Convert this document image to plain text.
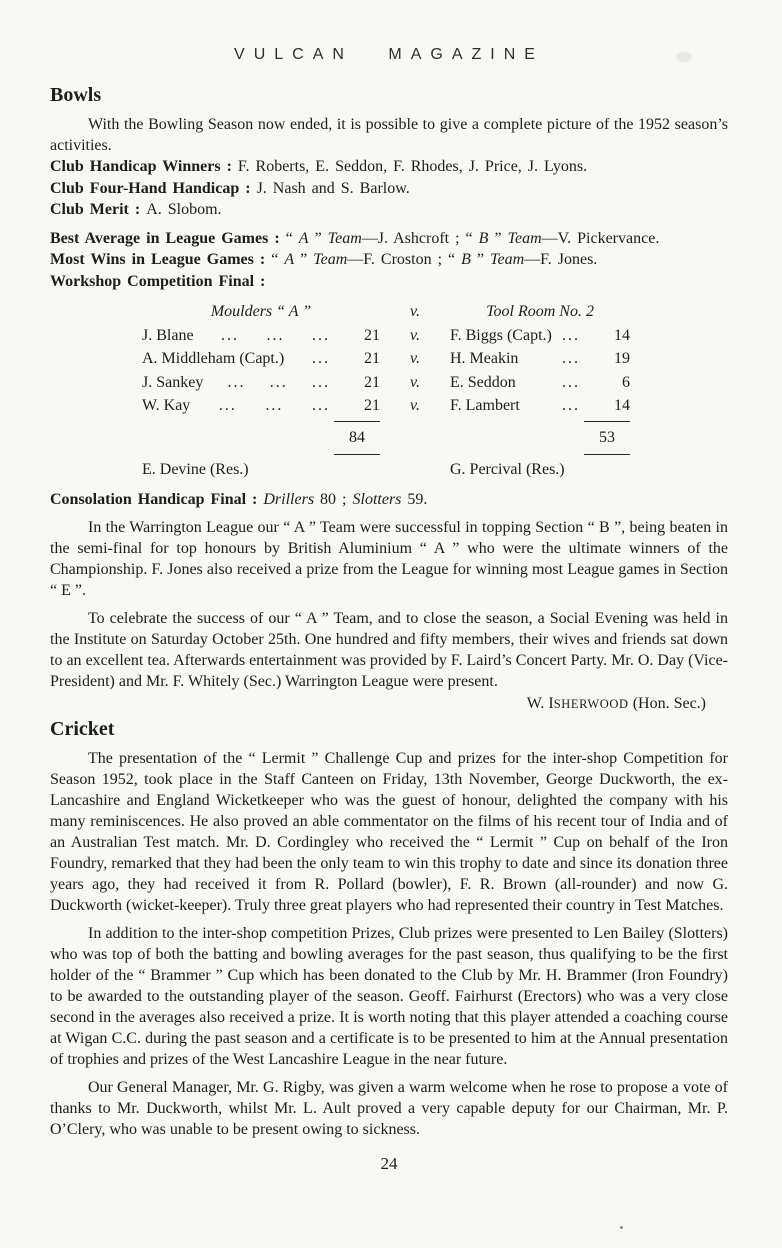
VULCAN MAGAZINE
Bowls
With the Bowling Season now ended, it is possible to give a complete picture of the 1952 season’s activities.
Club Handicap Winners : F. Roberts, E. Seddon, F. Rhodes, J. Price, J. Lyons.
Club Four-Hand Handicap : J. Nash and S. Barlow.
Club Merit : A. Slobom.
Best Average in League Games : “ A ” Team—J. Ashcroft ; “ B ” Team—V. Pickervance.
Most Wins in League Games : “ A ” Team—F. Croston ; “ B ” Team—F. Jones.
Workshop Competition Final :
Moulders “ A ”	v.	Tool Room No. 2
J. Blane ... ... ...	21	v.	F. Biggs (Capt.) ...	14
A. Middleham (Capt.) ...	21	v.	H. Meakin	...	19
J. Sankey ... ... ...	21	v.	E. Seddon	...	6
W. Kay ... ... ...	21	v.	F. Lambert	...	14
84	53
E. Devine (Res.)	G. Percival (Res.)
Consolation Handicap Final : Drillers 80 ; Slotters 59.
In the Warrington League our “ A ” Team were successful in topping Section “ B ”, being beaten in the semi-final for top honours by British Aluminium “ A ” who were the ultimate winners of the Championship. F. Jones also received a prize from the League for winning most League games in Section “ E ”.
To celebrate the success of our “ A ” Team, and to close the season, a Social Evening was held in the Institute on Saturday October 25th. One hundred and fifty members, their wives and friends sat down to an excellent tea. Afterwards entertainment was provided by F. Laird’s Concert Party. Mr. O. Day (Vice-President) and Mr. F. Whitely (Sec.) Warrington League were present.
W. ISHERWOOD (Hon. Sec.)
Cricket
The presentation of the “ Lermit ” Challenge Cup and prizes for the inter-shop Competition for Season 1952, took place in the Staff Canteen on Friday, 13th November, George Duckworth, the ex-Lancashire and England Wicketkeeper who was the guest of honour, delighted the company with his many reminiscences. He also proved an able commentator on the films of his recent tour of India and of an Australian Test match. Mr. D. Cordingley who received the “ Lermit ” Cup on behalf of the Iron Foundry, remarked that they had been the only team to win this trophy to date and since its donation three years ago, they had received it from R. Pollard (bowler), F. R. Brown (all-rounder) and now G. Duckworth (wicket-keeper). Truly three great players who had represented their country in Test Matches.
In addition to the inter-shop competition Prizes, Club prizes were presented to Len Bailey (Slotters) who was top of both the batting and bowling averages for the past season, thus qualifying to be the first holder of the “ Brammer ” Cup which has been donated to the Club by Mr. H. Brammer (Iron Foundry) to be awarded to the outstanding player of the season. Geoff. Fairhurst (Erectors) who was a very close second in the averages also received a prize. It is worth noting that this player attended a coaching course at Wigan C.C. during the past season and a certificate is to be presented to him at the Annual presentation of trophies and prizes of the West Lancashire League in the near future.
Our General Manager, Mr. G. Rigby, was given a warm welcome when he rose to propose a vote of thanks to Mr. Duckworth, whilst Mr. L. Ault proved a very capable deputy for our Chairman, Mr. P. O’Clery, who was unable to be present owing to sickness.
24
